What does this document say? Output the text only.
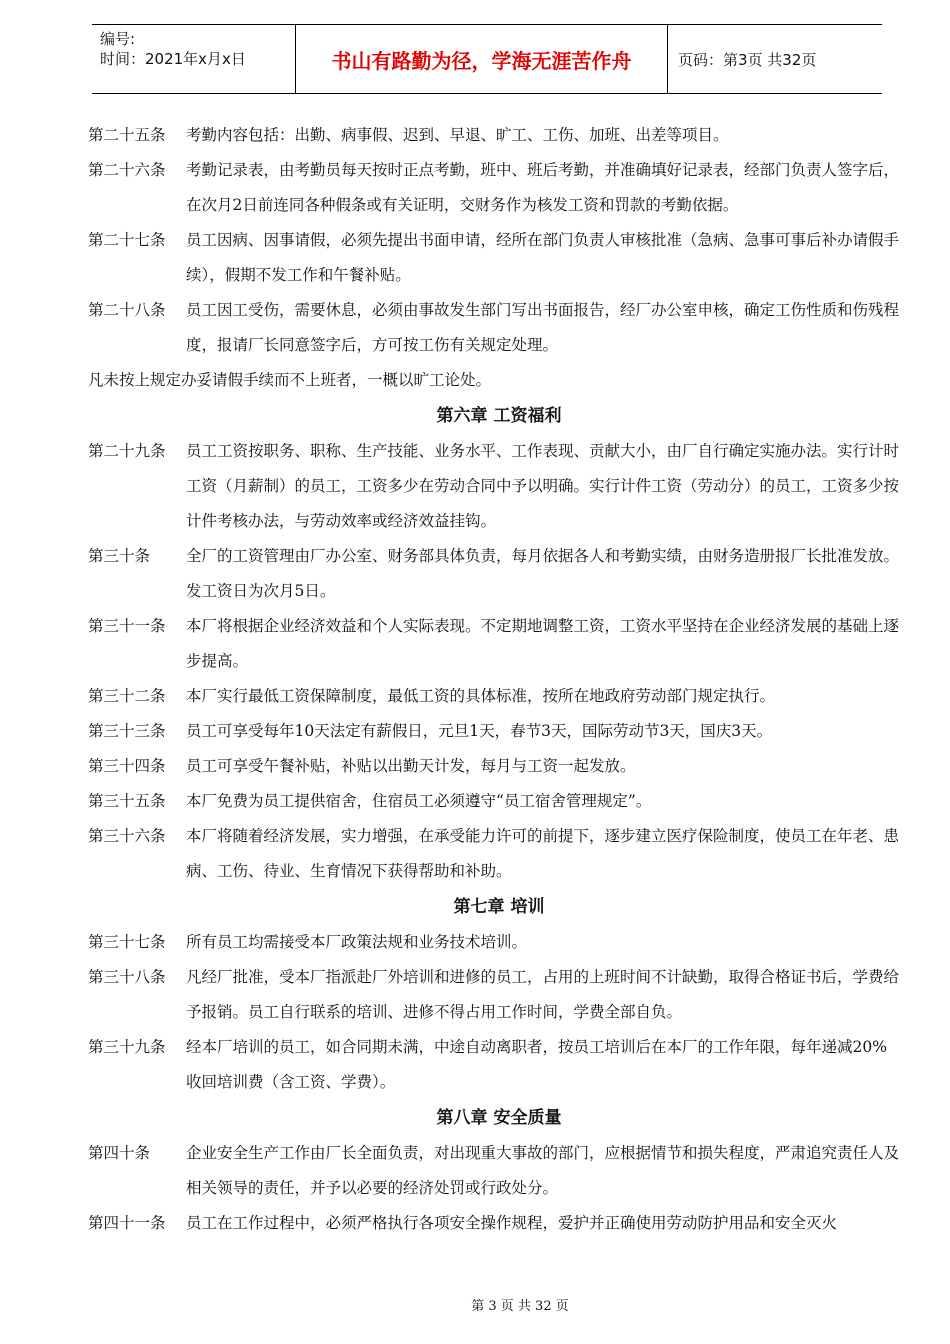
编号:
时间：2021年x月x日	书山有路勤为径，学海无涯苦作舟	页码：第3页 共32页
第二十五条	考勤内容包括：出勤、病事假、迟到、早退、旷工、工伤、加班、出差等项目。
第二十六条	考勤记录表，由考勤员每天按时正点考勤，班中、班后考勤，并准确填好记录表，经部门负责人签字后，在次月2日前连同各种假条或有关证明，交财务作为核发工资和罚款的考勤依据。
第二十七条	员工因病、因事请假，必须先提出书面申请，经所在部门负责人审核批准（急病、急事可事后补办请假手续），假期不发工作和午餐补贴。
第二十八条	员工因工受伤，需要休息，必须由事故发生部门写出书面报告，经厂办公室申核，确定工伤性质和伤残程度，报请厂长同意签字后，方可按工伤有关规定处理。
凡未按上规定办妥请假手续而不上班者，一概以旷工论处。
第六章 工资福利
第二十九条	员工工资按职务、职称、生产技能、业务水平、工作表现、贡献大小，由厂自行确定实施办法。实行计时工资（月薪制）的员工，工资多少在劳动合同中予以明确。实行计件工资（劳动分）的员工，工资多少按计件考核办法，与劳动效率或经济效益挂钩。
第三十条	全厂的工资管理由厂办公室、财务部具体负责，每月依据各人和考勤实绩，由财务造册报厂长批准发放。发工资日为次月5日。
第三十一条	本厂将根据企业经济效益和个人实际表现。不定期地调整工资，工资水平坚持在企业经济发展的基础上逐步提高。
第三十二条	本厂实行最低工资保障制度，最低工资的具体标准，按所在地政府劳动部门规定执行。
第三十三条	员工可享受每年10天法定有薪假日，元旦1天，春节3天，国际劳动节3天，国庆3天。
第三十四条	员工可享受午餐补贴，补贴以出勤天计发，每月与工资一起发放。
第三十五条	本厂免费为员工提供宿舍，住宿员工必须遵守“员工宿舍管理规定”。
第三十六条	本厂将随着经济发展，实力增强，在承受能力许可的前提下，逐步建立医疗保险制度，使员工在年老、患病、工伤、待业、生育情况下获得帮助和补助。
第七章 培训
第三十七条	所有员工均需接受本厂政策法规和业务技术培训。
第三十八条	凡经厂批准，受本厂指派赴厂外培训和进修的员工，占用的上班时间不计缺勤，取得合格证书后，学费给予报销。员工自行联系的培训、进修不得占用工作时间，学费全部自负。
第三十九条	经本厂培训的员工，如合同期未满，中途自动离职者，按员工培训后在本厂的工作年限，每年递减20%收回培训费（含工资、学费）。
第八章 安全质量
第四十条	企业安全生产工作由厂长全面负责，对出现重大事故的部门，应根据情节和损失程度，严肃追究责任人及相关领导的责任，并予以必要的经济处罚或行政处分。
第四十一条	员工在工作过程中，必须严格执行各项安全操作规程，爱护并正确使用劳动防护用品和安全灭火
第 3 页 共 32 页
